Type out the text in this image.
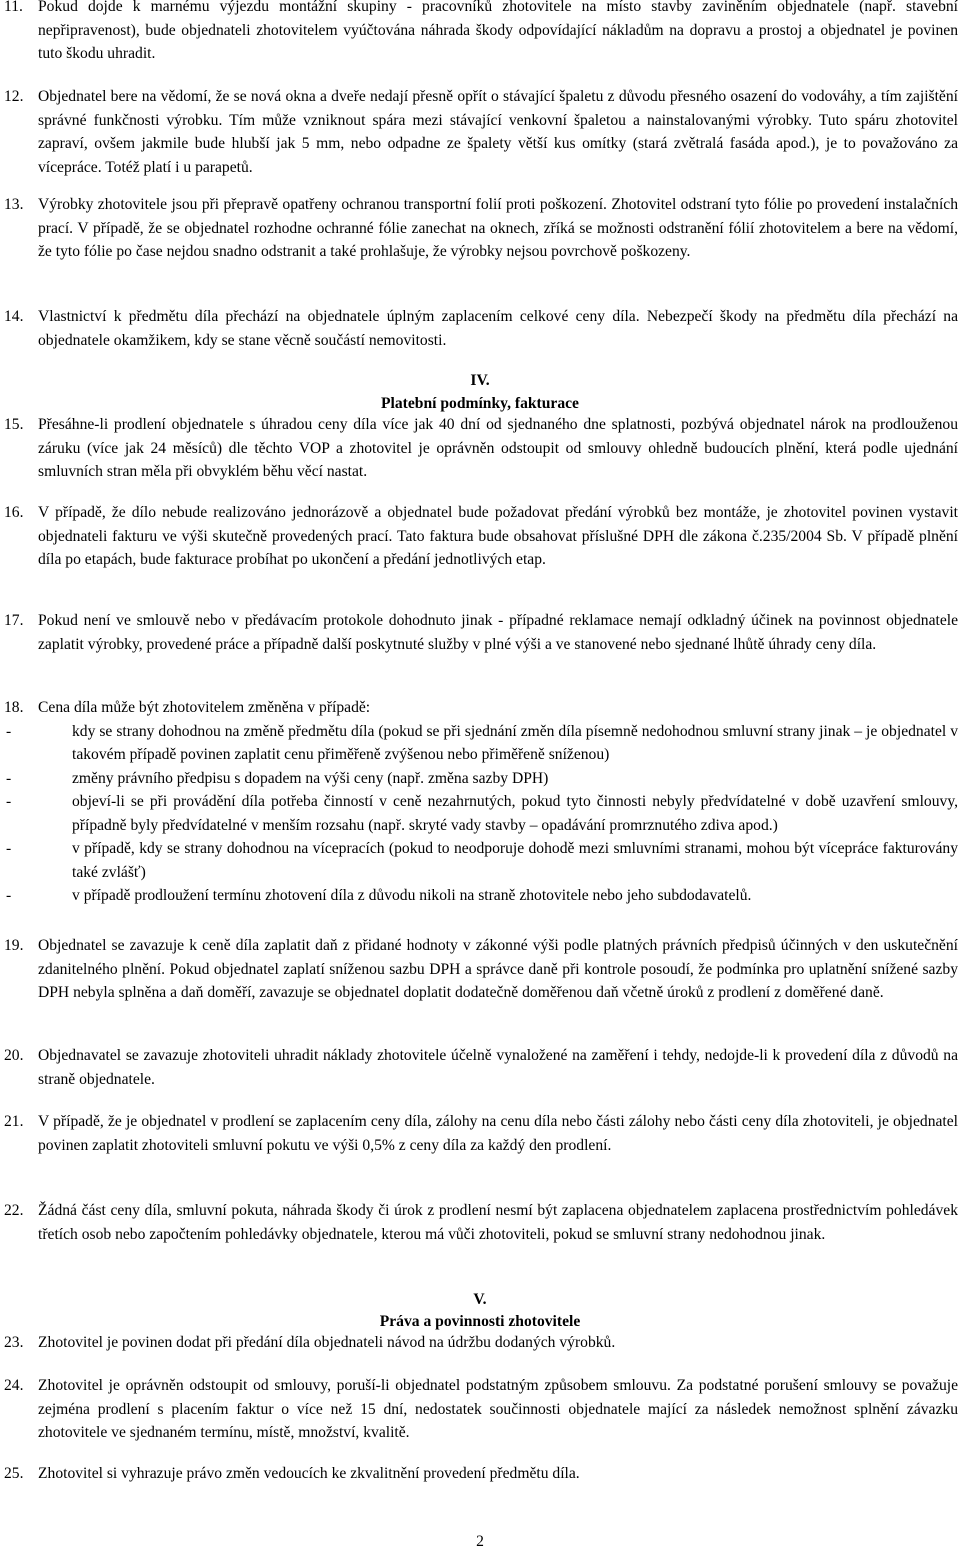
11. Pokud dojde k marnému výjezdu montážní skupiny - pracovníků zhotovitele na místo stavby zaviněním objednatele (např. stavební nepřipravenost), bude objednateli zhotovitelem vyúčtována náhrada škody odpovídající nákladům na dopravu a prostoj a objednatel je povinen tuto škodu uhradit.
12. Objednatel bere na vědomí, že se nová okna a dveře nedají přesně opřít o stávající špaletu z důvodu přesného osazení do vodováhy, a tím zajištění správné funkčnosti výrobku. Tím může vzniknout spára mezi stávající venkovní špaletou a nainstalovanými výrobky. Tuto spáru zhotovitel zapraví, ovšem jakmile bude hlubší jak 5 mm, nebo odpadne ze špalety větší kus omítky (stará zvětralá fasáda apod.), je to považováno za vícepráce. Totéž platí i u parapetů.
13. Výrobky zhotovitele jsou při přepravě opatřeny ochranou transportní folií proti poškození. Zhotovitel odstraní tyto fólie po provedení instalačních prací. V případě, že se objednatel rozhodne ochranné fólie zanechat na oknech, zříká se možnosti odstranění fólií zhotovitelem a bere na vědomí, že tyto fólie po čase nejdou snadno odstranit a také prohlašuje, že výrobky nejsou povrchově poškozeny.
14. Vlastnictví k předmětu díla přechází na objednatele úplným zaplacením celkové ceny díla. Nebezpečí škody na předmětu díla přechází na objednatele okamžikem, kdy se stane věcně součástí nemovitosti.
IV.
Platební podmínky, fakturace
15. Přesáhne-li prodlení objednatele s úhradou ceny díla více jak 40 dní od sjednaného dne splatnosti, pozbývá objednatel nárok na prodlouženou záruku (více jak 24 měsíců) dle těchto VOP a zhotovitel je oprávněn odstoupit od smlouvy ohledně budoucích plnění, která podle ujednání smluvních stran měla při obvyklém běhu věcí nastat.
16. V případě, že dílo nebude realizováno jednorázově a objednatel bude požadovat předání výrobků bez montáže, je zhotovitel povinen vystavit objednateli fakturu ve výši skutečně provedených prací. Tato faktura bude obsahovat příslušné DPH dle zákona č.235/2004 Sb. V případě plnění díla po etapách, bude fakturace probíhat po ukončení a předání jednotlivých etap.
17. Pokud není ve smlouvě nebo v předávacím protokole dohodnuto jinak - případné reklamace nemají odkladný účinek na povinnost objednatele zaplatit výrobky, provedené práce a případně další poskytnuté služby v plné výši a ve stanovené nebo sjednané lhůtě úhrady ceny díla.
18. Cena díla může být zhotovitelem změněna v případě:
-	kdy se strany dohodnou na změně předmětu díla (pokud se při sjednání změn díla písemně nedohodnou smluvní strany jinak – je objednatel v takovém případě povinen zaplatit cenu přiměřeně zvýšenou nebo přiměřeně sníženou)
-	změny právního předpisu s dopadem na výši ceny (např. změna sazby DPH)
-	objeví-li se při provádění díla potřeba činností v ceně nezahrnutých, pokud tyto činnosti nebyly předvídatelné v době uzavření smlouvy, případně byly předvídatelné v menším rozsahu (např. skryté vady stavby – opadávání promrznutého zdiva apod.)
-	v případě, kdy se strany dohodnou na vícepracích (pokud to neodporuje dohodě mezi smluvními stranami, mohou být vícepráce fakturovány také zvlášť)
-	v případě prodloužení termínu zhotovení díla z důvodu nikoli na straně zhotovitele nebo jeho subdodavatelů.
19. Objednatel se zavazuje k ceně díla zaplatit daň z přidané hodnoty v zákonné výši podle platných právních předpisů účinných v den uskutečnění zdanitelného plnění. Pokud objednatel zaplatí sníženou sazbu DPH a správce daně při kontrole posoudí, že podmínka pro uplatnění snížené sazby DPH nebyla splněna a daň doměří, zavazuje se objednatel doplatit dodatečně doměřenou daň včetně úroků z prodlení z doměřené daně.
20. Objednavatel se zavazuje zhotoviteli uhradit náklady zhotovitele účelně vynaložené na zaměření i tehdy, nedojde-li k provedení díla z důvodů na straně objednatele.
21. V případě, že je objednatel v prodlení se zaplacením ceny díla, zálohy na cenu díla nebo části zálohy nebo části ceny díla zhotoviteli, je objednatel povinen zaplatit zhotoviteli smluvní pokutu ve výši 0,5% z ceny díla za každý den prodlení.
22. Žádná část ceny díla, smluvní pokuta, náhrada škody či úrok z prodlení nesmí být zaplacena objednatelem zaplacena prostřednictvím pohledávek třetích osob nebo započtením pohledávky objednatele, kterou má vůči zhotoviteli, pokud se smluvní strany nedohodnou jinak.
V.
Práva a povinnosti zhotovitele
23. Zhotovitel je povinen dodat při předání díla objednateli návod na údržbu dodaných výrobků.
24. Zhotovitel je oprávněn odstoupit od smlouvy, poruší-li objednatel podstatným způsobem smlouvu. Za podstatné porušení smlouvy se považuje zejména prodlení s placením faktur o více než 15 dní, nedostatek součinnosti objednatele mající za následek nemožnost splnění závazku zhotovitele ve sjednaném termínu, místě, množství, kvalitě.
25. Zhotovitel si vyhrazuje právo změn vedoucích ke zkvalitnění provedení předmětu díla.
2
